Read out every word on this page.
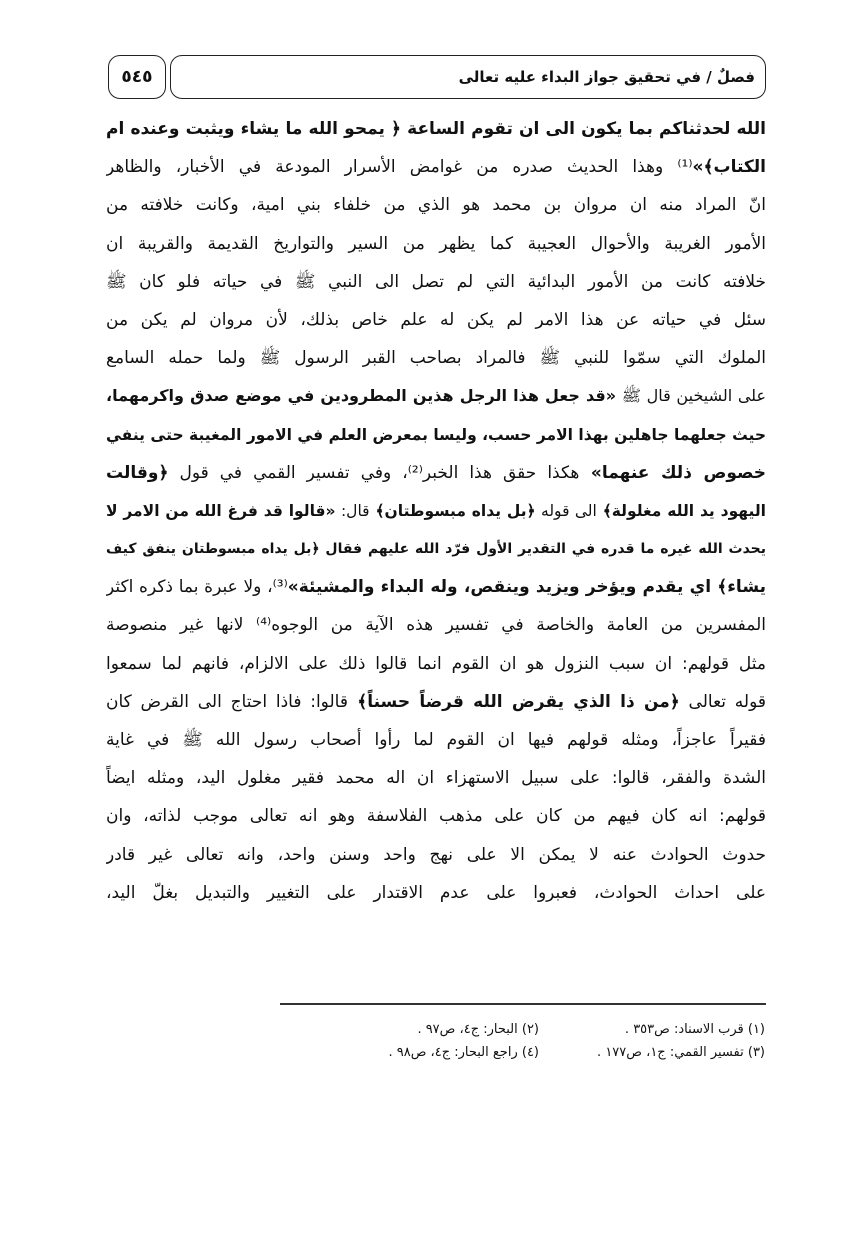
٥٤٥	فصلٌ / في تحقيق جواز البداء عليه تعالى
الله لحدثناكم بما يكون الى ان تقوم الساعة ﴿ يمحو الله ما يشاء ويثبت وعنده ام
الكتاب﴾»⁽¹⁾ وهذا الحديث صدره من غوامض الأسرار المودعة في الأخبار، والظاهر
انّ المراد منه ان مروان بن محمد هو الذي من خلفاء بني امية، وكانت خلافته من
الأمور الغريبة والأحوال العجيبة كما يظهر من السير والتواريخ القديمة والقريبة ان
خلافته كانت من الأمور البدائية التي لم تصل الى النبي ﷺ في حياته فلو كان ﷺ
سئل في حياته عن هذا الامر لم يكن له علم خاص بذلك، لأن مروان لم يكن من
الملوك التي سمّوا للنبي ﷺ فالمراد بصاحب القبر الرسول ﷺ ولما حمله السامع
على الشيخين قال ﷺ «قد جعل هذا الرجل هذين المطرودين في موضع صدق واكرمهما،
حيث جعلهما جاهلين بهذا الامر حسب، وليسا بمعرض العلم في الامور المغيبة حتى ينفي
خصوص ذلك عنهما» هكذا حقق هذا الخبر⁽²⁾، وفي تفسير القمي في قول ﴿وقالت
اليهود يد الله مغلولة﴾ الى قوله ﴿بل يداه مبسوطتان﴾ قال: «قالوا قد فرغ الله من الامر لا
يحدث الله غيره ما قدره في التقدير الأول فرّد الله عليهم فقال ﴿بل يداه مبسوطتان ينفق كيف
يشاء﴾ اي يقدم ويؤخر ويزيد وينقص، وله البداء والمشيئة»⁽³⁾، ولا عبرة بما ذكره اكثر
المفسرين من العامة والخاصة في تفسير هذه الآية من الوجوه⁽⁴⁾ لانها غير منصوصة
مثل قولهم: ان سبب النزول هو ان القوم انما قالوا ذلك على الالزام، فانهم لما سمعوا
قوله تعالى ﴿من ذا الذي يقرض الله قرضاً حسناً﴾ قالوا: فاذا احتاج الى القرض كان
فقيراً عاجزاً، ومثله قولهم فيها ان القوم لما رأوا أصحاب رسول الله ﷺ في غاية
الشدة والفقر، قالوا: على سبيل الاستهزاء ان اله محمد فقير مغلول اليد، ومثله ايضاً
قولهم: انه كان فيهم من كان على مذهب الفلاسفة وهو انه تعالى موجب لذاته، وان
حدوث الحوادث عنه لا يمكن الا على نهج واحد وسنن واحد، وانه تعالى غير قادر
على احداث الحوادث، فعبروا على عدم الاقتدار على التغيير والتبديل بغلّ اليد،
(١) قرب الاسناد: ص٣٥٣ .
(٢) البحار: ج٤، ص٩٧ .
(٣) تفسير القمي: ج١، ص١٧٧ .
(٤) راجع البحار: ج٤، ص٩٨ .
